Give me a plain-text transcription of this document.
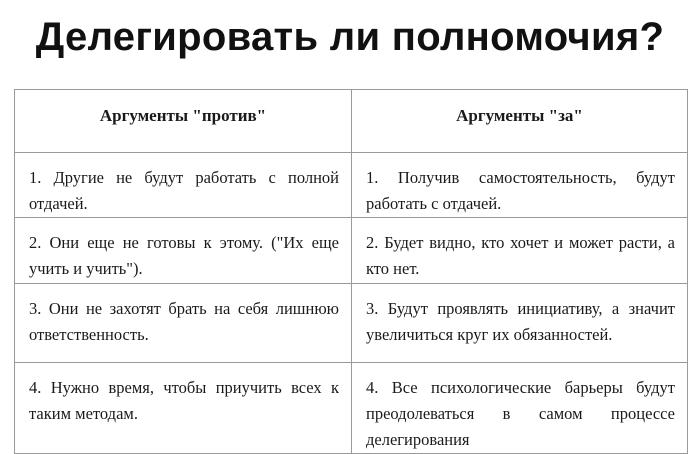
Делегировать ли полномочия?
Аргументы "против"	Аргументы "за"
1. Другие не будут работать с полной отдачей.	1. Получив самостоятельность, будут работать с отдачей.
2. Они еще не готовы к этому. ("Их еще учить и учить").	2. Будет видно, кто хочет и может расти, а кто нет.
3. Они не захотят брать на себя лишнюю ответственность.	3. Будут проявлять инициативу, а значит увеличиться круг их обязанностей.
4. Нужно время, чтобы приучить всех к таким методам.	4. Все психологические барьеры будут преодолеваться в самом процессе делегирования
